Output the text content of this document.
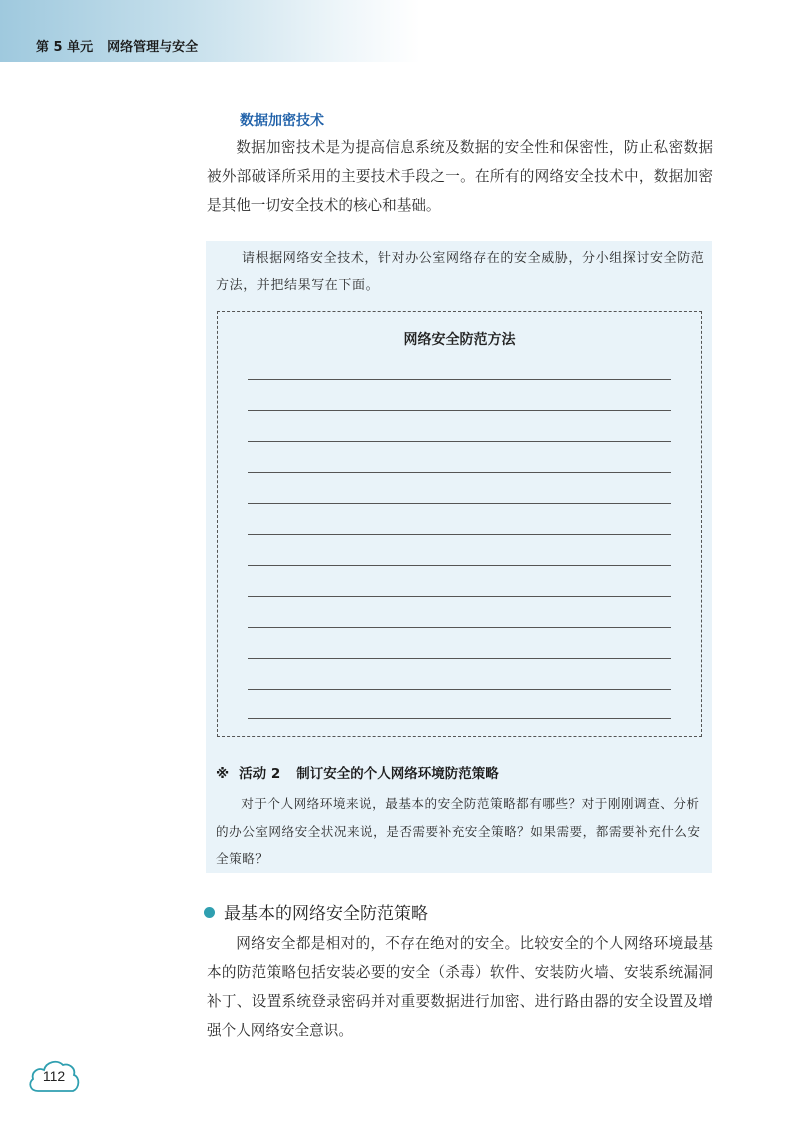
第 5 单元 网络管理与安全
数据加密技术

数据加密技术是为提高信息系统及数据的安全性和保密性，防止私密数据被外部破译所采用的主要技术手段之一。在所有的网络安全技术中，数据加密是其他一切安全技术的核心和基础。

请根据网络安全技术，针对办公室网络存在的安全威胁，分小组探讨安全防范方法，并把结果写在下面。

网络安全防范方法
※ 活动 2 制订安全的个人网络环境防范策略

对于个人网络环境来说，最基本的安全防范策略都有哪些？对于刚刚调查、分析的办公室网络安全状况来说，是否需要补充安全策略？如果需要，都需要补充什么安全策略？

最基本的网络安全防范策略

网络安全都是相对的，不存在绝对的安全。比较安全的个人网络环境最基本的防范策略包括安装必要的安全（杀毒）软件、安装防火墙、安装系统漏洞补丁、设置系统登录密码并对重要数据进行加密、进行路由器的安全设置及增强个人网络安全意识。

112
